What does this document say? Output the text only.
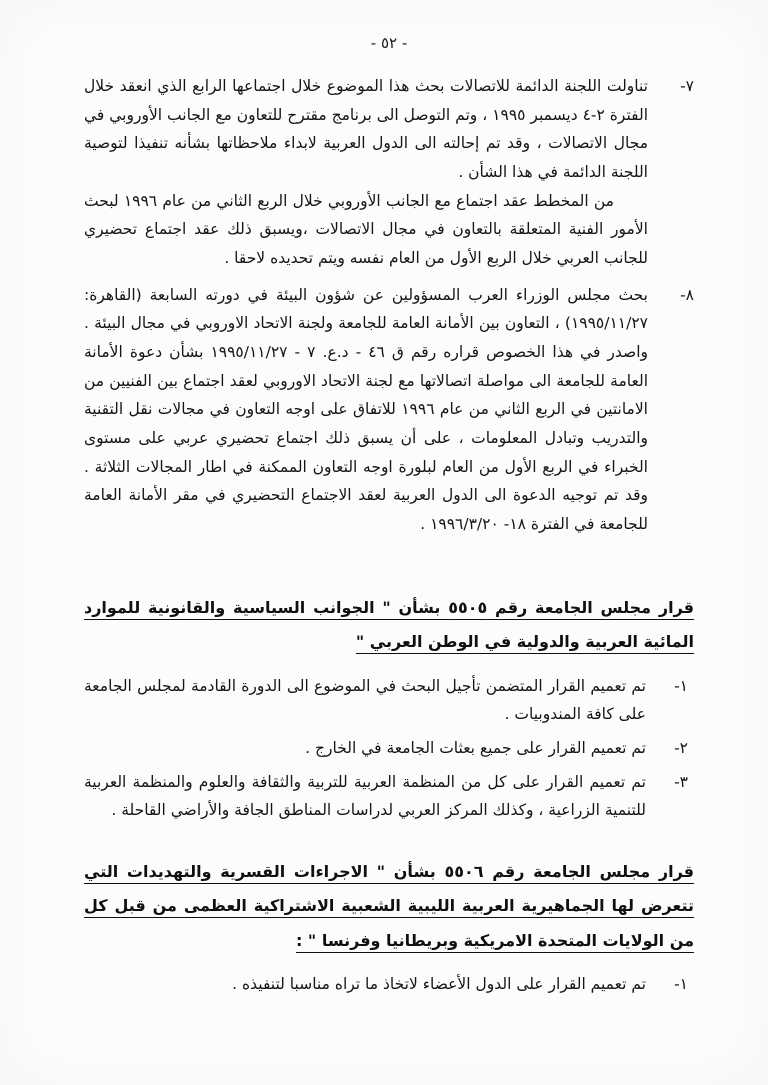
- ٥٢ -
٧-

تناولت اللجنة الدائمة للاتصالات بحث هذا الموضوع خلال اجتماعها الرابع الذي انعقد خلال الفترة ٢-٤ ديسمبر ١٩٩٥ ، وتم التوصل الى برنامج مقترح للتعاون مع الجانب الأوروبي في مجال الاتصالات ، وقد تم إحالته الى الدول العربية لابداء ملاحظاتها بشأنه تنفيذا لتوصية اللجنة الدائمة في هذا الشأن .

من المخطط عقد اجتماع مع الجانب الأوروبي خلال الربع الثاني من عام ١٩٩٦ لبحث الأمور الفنية المتعلقة بالتعاون في مجال الاتصالات ،ويسبق ذلك عقد اجتماع تحضيري للجانب العربي خلال الربع الأول من العام نفسه ويتم تحديده لاحقا .

٨-

بحث مجلس الوزراء العرب المسؤولين عن شؤون البيئة في دورته السابعة (القاهرة: ١٩٩٥/١١/٢٧) ، التعاون بين الأمانة العامة للجامعة ولجنة الاتحاد الاوروبي في مجال البيئة . واصدر في هذا الخصوص قراره رقم ق ٤٦ - د.ع. ٧ - ١٩٩٥/١١/٢٧ بشأن دعوة الأمانة العامة للجامعة الى مواصلة اتصالاتها مع لجنة الاتحاد الاوروبي لعقد اجتماع بين الفنيين من الامانتين في الربع الثاني من عام ١٩٩٦ للاتفاق على اوجه التعاون في مجالات نقل التقنية والتدريب وتبادل المعلومات ، على أن يسبق ذلك اجتماع تحضيري عربي على مستوى الخبراء في الربع الأول من العام لبلورة اوجه التعاون الممكنة في اطار المجالات الثلاثة . وقد تم توجيه الدعوة الى الدول العربية لعقد الاجتماع التحضيري في مقر الأمانة العامة للجامعة في الفترة ١٨- ١٩٩٦/٣/٢٠ .

قرار مجلس الجامعة رقم ٥٥٠٥ بشأن " الجوانب السياسية والقانونية للموارد المائية العربية والدولية في الوطن العربي "
١-
تم تعميم القرار المتضمن تأجيل البحث في الموضوع الى الدورة القادمة لمجلس الجامعة على كافة المندوبيات .
٢-
تم تعميم القرار على جميع بعثات الجامعة في الخارج .
٣-
تم تعميم القرار على كل من المنظمة العربية للتربية والثقافة والعلوم والمنظمة العربية للتنمية الزراعية ، وكذلك المركز العربي لدراسات المناطق الجافة والأراضي القاحلة .
قرار مجلس الجامعة رقم ٥٥٠٦ بشأن " الاجراءات القسرية والتهديدات التي تتعرض لها الجماهيرية العربية الليبية الشعبية الاشتراكية العظمى من قبل كل من الولايات المتحدة الامريكية وبريطانيا وفرنسا " :
١-
تم تعميم القرار على الدول الأعضاء لاتخاذ ما تراه مناسبا لتنفيذه .
